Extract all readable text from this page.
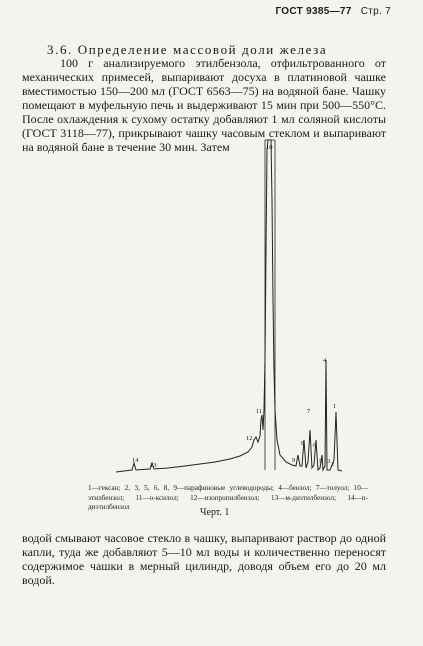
ГОСТ 9385—77 Стр. 7
3.6. Определение массовой доли железа

100 г анализируемого этилбензола, отфильтрованного от механических примесей, выпаривают досуха в платиновой чашке вместимостью 150—200 мл (ГОСТ 6563—75) на водяной бане. Чашку помещают в муфельную печь и выдерживают 15 мин при 500—550°С. После охлаждения к сухому остатку добавляют 1 мл соляной кислоты (ГОСТ 3118—77), прикрывают чашку часовым стеклом и выпаривают на водяной бане в течение 30 мин. Затем

14
13
12
11
10
9
8
7
6
5
4
3 2
1
1—гексан; 2, 3, 5, 6, 8, 9—парафиновые углеводороды; 4—бензол; 7—толуол; 10—этилбензол; 11—о-ксилол; 12—изопропилбензол; 13—м-диэтилбензол; 14—п-диэтилбензол	Черт. 1
водой смывают часовое стекло в чашку, выпаривают раствор до одной капли, туда же добавляют 5—10 мл воды и количественно переносят содержимое чашки в мерный цилиндр, доводя объем его до 20 мл водой.
